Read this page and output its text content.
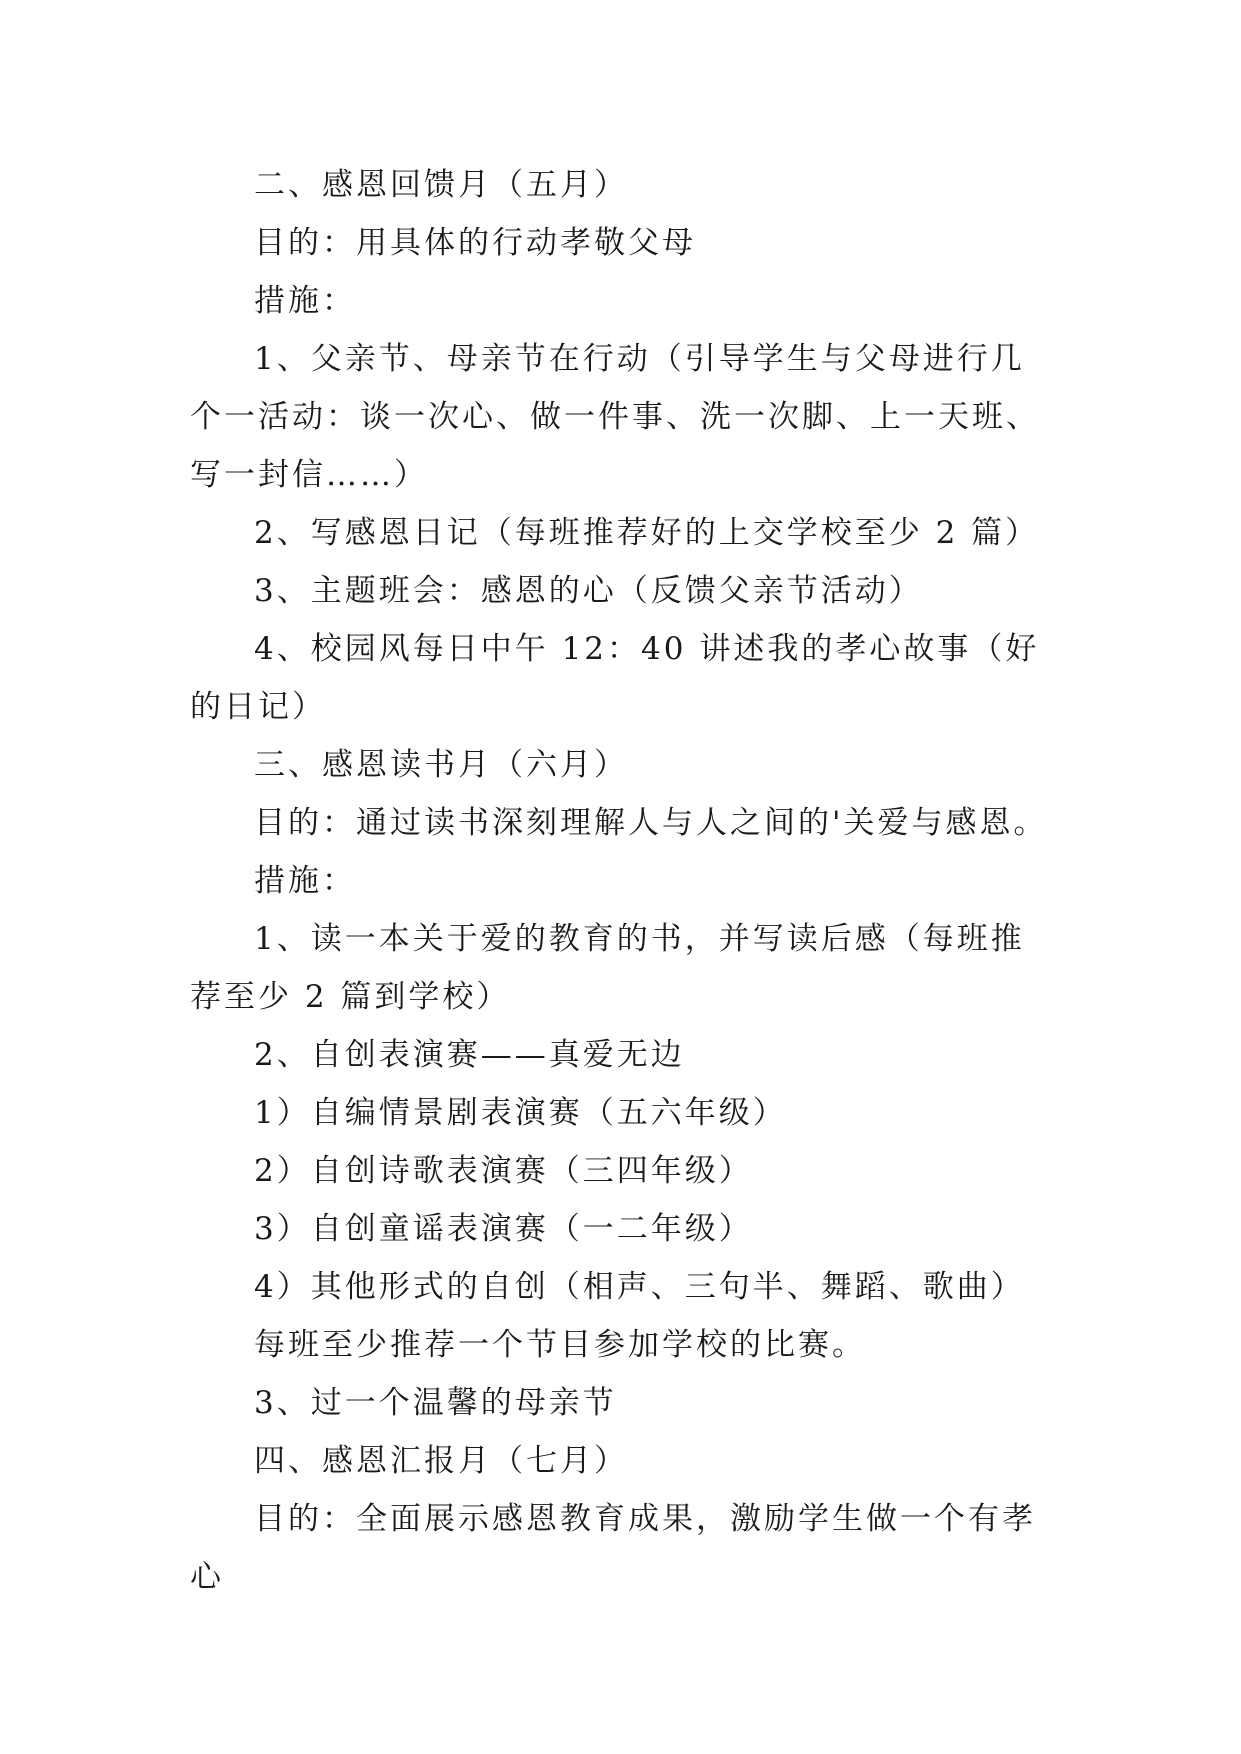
二、感恩回馈月（五月）

目的：用具体的行动孝敬父母

措施：

1、父亲节、母亲节在行动（引导学生与父母进行几个一活动：谈一次心、做一件事、洗一次脚、上一天班、写一封信……）

2、写感恩日记（每班推荐好的上交学校至少 2 篇）

3、主题班会：感恩的心（反馈父亲节活动）

4、校园风每日中午 12：40 讲述我的孝心故事（好的日记）

三、感恩读书月（六月）

目的：通过读书深刻理解人与人之间的'关爱与感恩。

措施：

1、读一本关于爱的教育的书，并写读后感（每班推荐至少 2 篇到学校）

2、自创表演赛——真爱无边

1）自编情景剧表演赛（五六年级）

2）自创诗歌表演赛（三四年级）

3）自创童谣表演赛（一二年级）

4）其他形式的自创（相声、三句半、舞蹈、歌曲）

每班至少推荐一个节目参加学校的比赛。

3、过一个温馨的母亲节

四、感恩汇报月（七月）

目的：全面展示感恩教育成果，激励学生做一个有孝心
